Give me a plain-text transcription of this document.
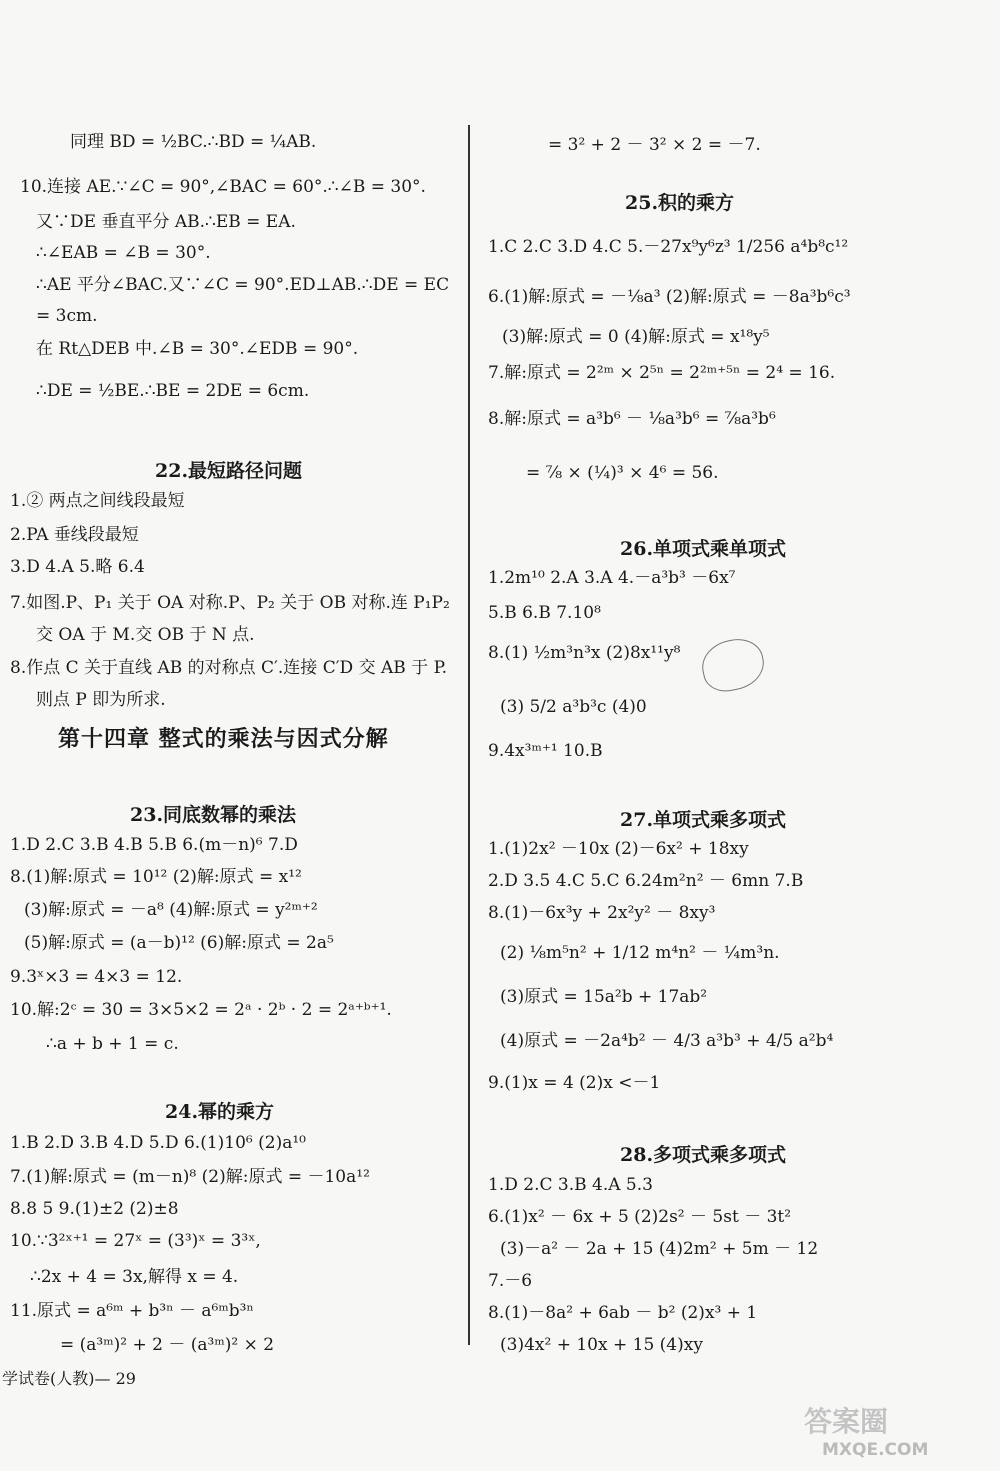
同理 BD = ½BC.∴BD = ¼AB.
10.连接 AE.∵∠C = 90°,∠BAC = 60°.∴∠B = 30°.
又∵DE 垂直平分 AB.∴EB = EA.
∴∠EAB = ∠B = 30°.
∴AE 平分∠BAC.又∵∠C = 90°.ED⊥AB.∴DE = EC
= 3cm.
在 Rt△DEB 中.∠B = 30°.∠EDB = 90°.
∴DE = ½BE.∴BE = 2DE = 6cm.
22.最短路径问题
1.② 两点之间线段最短
2.PA 垂线段最短
3.D 4.A 5.略 6.4
7.如图.P、P₁ 关于 OA 对称.P、P₂ 关于 OB 对称.连 P₁P₂
交 OA 于 M.交 OB 于 N 点.
8.作点 C 关于直线 AB 的对称点 C′.连接 C′D 交 AB 于 P.
则点 P 即为所求.
第十四章 整式的乘法与因式分解
23.同底数幂的乘法
1.D 2.C 3.B 4.B 5.B 6.(m－n)⁶ 7.D
8.(1)解:原式 = 10¹² (2)解:原式 = x¹²
(3)解:原式 = －a⁸ (4)解:原式 = y²ᵐ⁺²
(5)解:原式 = (a－b)¹² (6)解:原式 = 2a⁵
9.3ˣ×3 = 4×3 = 12.
10.解:2ᶜ = 30 = 3×5×2 = 2ᵃ · 2ᵇ · 2 = 2ᵃ⁺ᵇ⁺¹.
∴a + b + 1 = c.
24.幂的乘方
1.B 2.D 3.B 4.D 5.D 6.(1)10⁶ (2)a¹⁰
7.(1)解:原式 = (m－n)⁸ (2)解:原式 = －10a¹²
8.8 5 9.(1)±2 (2)±8
10.∵3²ˣ⁺¹ = 27ˣ = (3³)ˣ = 3³ˣ,
∴2x + 4 = 3x,解得 x = 4.
11.原式 = a⁶ᵐ + b³ⁿ － a⁶ᵐb³ⁿ
= (a³ᵐ)² + 2 － (a³ᵐ)² × 2
学试卷(人教)— 29
= 3² + 2 － 3² × 2 = －7.
25.积的乘方
1.C 2.C 3.D 4.C 5.－27x⁹y⁶z³ 1/256 a⁴b⁸c¹²
6.(1)解:原式 = －⅛a³ (2)解:原式 = －8a³b⁶c³
(3)解:原式 = 0 (4)解:原式 = x¹⁸y⁵
7.解:原式 = 2²ᵐ × 2⁵ⁿ = 2²ᵐ⁺⁵ⁿ = 2⁴ = 16.
8.解:原式 = a³b⁶ － ⅛a³b⁶ = ⅞a³b⁶
= ⅞ × (¼)³ × 4⁶ = 56.
26.单项式乘单项式
1.2m¹⁰ 2.A 3.A 4.－a³b³ －6x⁷
5.B 6.B 7.10⁸
8.(1) ½m³n³x (2)8x¹¹y⁸
(3) 5/2 a³b³c (4)0
9.4x³ᵐ⁺¹ 10.B
27.单项式乘多项式
1.(1)2x² －10x (2)－6x² + 18xy
2.D 3.5 4.C 5.C 6.24m²n² － 6mn 7.B
8.(1)－6x³y + 2x²y² － 8xy³
(2) ⅛m⁵n² + 1/12 m⁴n² － ¼m³n.
(3)原式 = 15a²b + 17ab²
(4)原式 = －2a⁴b² － 4/3 a³b³ + 4/5 a²b⁴
9.(1)x = 4 (2)x <－1
28.多项式乘多项式
1.D 2.C 3.B 4.A 5.3
6.(1)x² － 6x + 5 (2)2s² － 5st － 3t²
(3)－a² － 2a + 15 (4)2m² + 5m － 12
7.－6
8.(1)－8a² + 6ab － b² (2)x³ + 1
(3)4x² + 10x + 15 (4)xy
答案圈
MXQE.COM
